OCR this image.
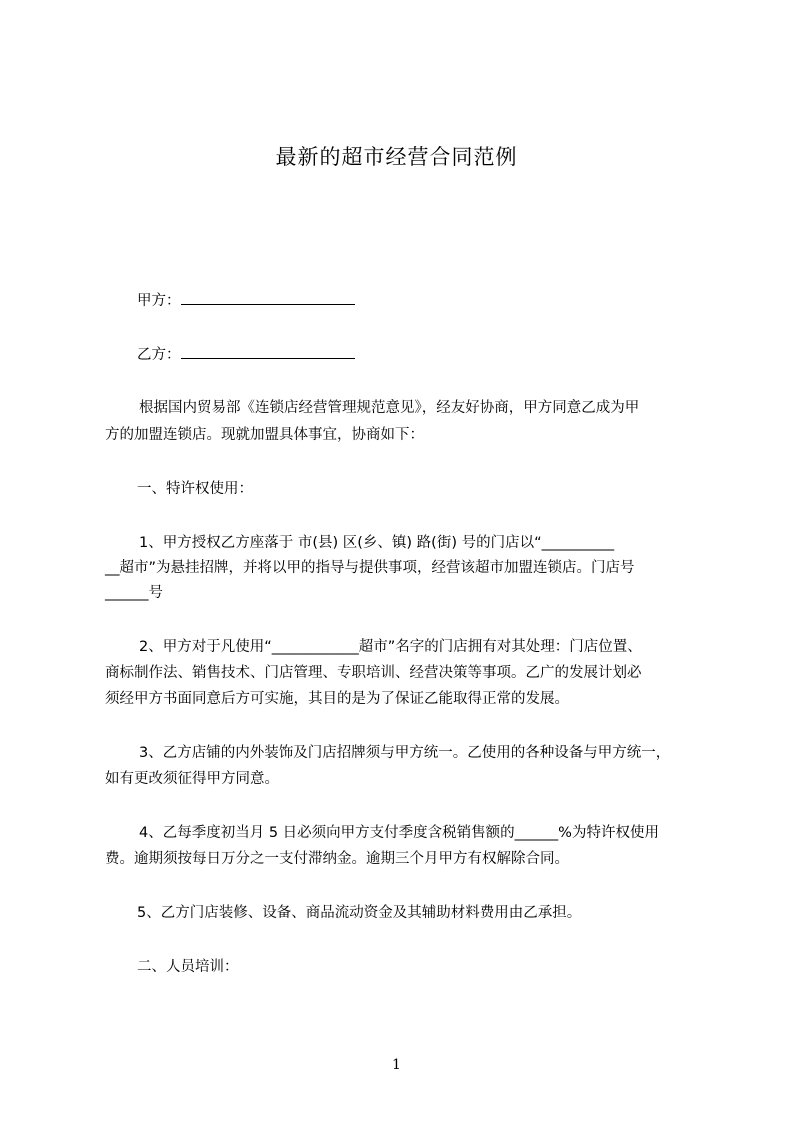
最新的超市经营合同范例
甲方：
乙方：
根据国内贸易部《连锁店经营管理规范意见》，经友好协商，甲方同意乙成为甲
方的加盟连锁店。现就加盟具体事宜，协商如下：
一、特许权使用：
1、甲方授权乙方座落于 市(县) 区(乡、镇) 路(街) 号的门店以“__________
__超市”为悬挂招牌，并将以甲的指导与提供事项，经营该超市加盟连锁店。门店号
______号
2、甲方对于凡使用“____________超市”名字的门店拥有对其处理：门店位置、
商标制作法、销售技术、门店管理、专职培训、经营决策等事项。乙广的发展计划必
须经甲方书面同意后方可实施，其目的是为了保证乙能取得正常的发展。
3、乙方店铺的内外装饰及门店招牌须与甲方统一。乙使用的各种设备与甲方统一，
如有更改须征得甲方同意。
4、乙每季度初当月 5 日必须向甲方支付季度含税销售额的______%为特许权使用
费。逾期须按每日万分之一支付滞纳金。逾期三个月甲方有权解除合同。
5、乙方门店装修、设备、商品流动资金及其辅助材料费用由乙承担。
二、人员培训：
1
